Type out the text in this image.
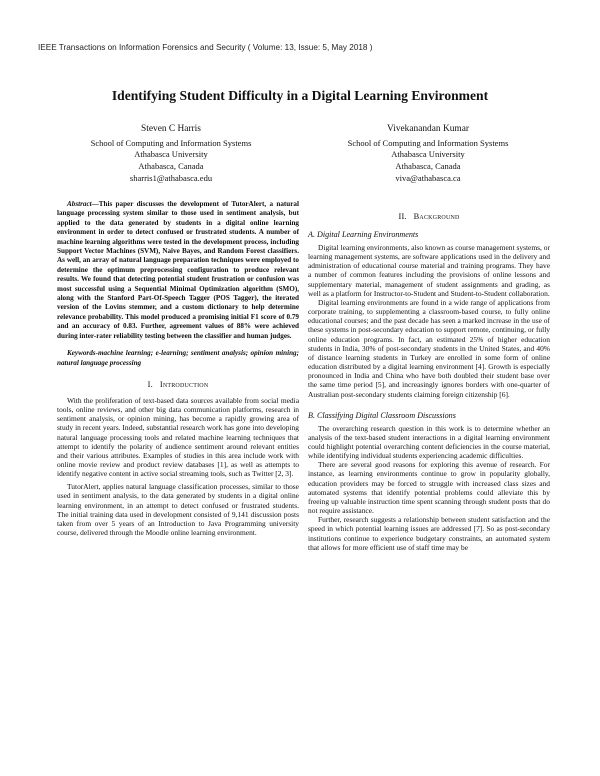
IEEE Transactions on Information Forensics and Security ( Volume: 13, Issue: 5, May 2018 )
Identifying Student Difficulty in a Digital Learning Environment
Steven C Harris
School of Computing and Information Systems
Athabasca University
Athabasca, Canada
sharris1@athabasca.edu
Vivekanandan Kumar
School of Computing and Information Systems
Athabasca University
Athabasca, Canada
viva@athabasca.ca

Abstract—This paper discusses the development of TutorAlert, a natural language processing system similar to those used in sentiment analysis, but applied to the data generated by students in a digital online learning environment in order to detect confused or frustrated students. A number of machine learning algorithms were tested in the development process, including Support Vector Machines (SVM), Naive Bayes, and Random Forest classifiers. As well, an array of natural language preparation techniques were employed to determine the optimum preprocessing configuration to produce relevant results. We found that detecting potential student frustration or confusion was most successful using a Sequential Minimal Optimization algorithm (SMO), along with the Stanford Part-Of-Speech Tagger (POS Tagger), the iterated version of the Lovins stemmer, and a custom dictionary to help determine relevance probability. This model produced a promising initial F1 score of 0.79 and an accuracy of 0.83. Further, agreement values of 88% were achieved during inter-rater reliability testing between the classifier and human judges.

Keywords-machine learning; e-learning; sentiment analysis; opinion mining; natural language processing

I. Introduction

With the proliferation of text-based data sources available from social media tools, online reviews, and other big data communication platforms, research in sentiment analysis, or opinion mining, has become a rapidly growing area of study in recent years. Indeed, substantial research work has gone into developing natural language processing tools and related machine learning techniques that attempt to identify the polarity of audience sentiment around relevant entities and their various attributes. Examples of studies in this area include work with online movie review and product review databases [1], as well as attempts to identify negative content in active social streaming tools, such as Twitter [2, 3].

TutorAlert, applies natural language classification processes, similar to those used in sentiment analysis, to the data generated by students in a digital online learning environment, in an attempt to detect confused or frustrated students. The initial training data used in development consisted of 9,141 discussion posts taken from over 5 years of an Introduction to Java Programming university course, delivered through the Moodle online learning environment.

II. Background
A. Digital Learning Environments

Digital learning environments, also known as course management systems, or learning management systems, are software applications used in the delivery and administration of educational course material and training programs. They have a number of common features including the provisions of online lessons and supplementary material, management of student assignments and grading, as well as a platform for Instructor-to-Student and Student-to-Student collaboration.

Digital learning environments are found in a wide range of applications from corporate training, to supplementing a classroom-based course, to fully online educational courses; and the past decade has seen a marked increase in the use of these systems in post-secondary education to support remote, continuing, or fully online education programs. In fact, an estimated 25% of higher education students in India, 30% of post-secondary students in the United States, and 40% of distance learning students in Turkey are enrolled in some form of online education distributed by a digital learning environment [4]. Growth is especially pronounced in India and China who have both doubled their student base over the same time period [5], and increasingly ignores borders with one-quarter of Australian post-secondary students claiming foreign citizenship [6].

B. Classifying Digital Classroom Discussions

The overarching research question in this work is to determine whether an analysis of the text-based student interactions in a digital learning environment could highlight potential overarching content deficiencies in the course material, while identifying individual students experiencing academic difficulties.

There are several good reasons for exploring this avenue of research. For instance, as learning environments continue to grow in popularity globally, education providers may be forced to struggle with increased class sizes and automated systems that identify potential problems could alleviate this by freeing up valuable instruction time spent scanning through student posts that do not require assistance.

Further, research suggests a relationship between student satisfaction and the speed in which potential learning issues are addressed [7]. So as post-secondary institutions continue to experience budgetary constraints, an automated system that allows for more efficient use of staff time may be
